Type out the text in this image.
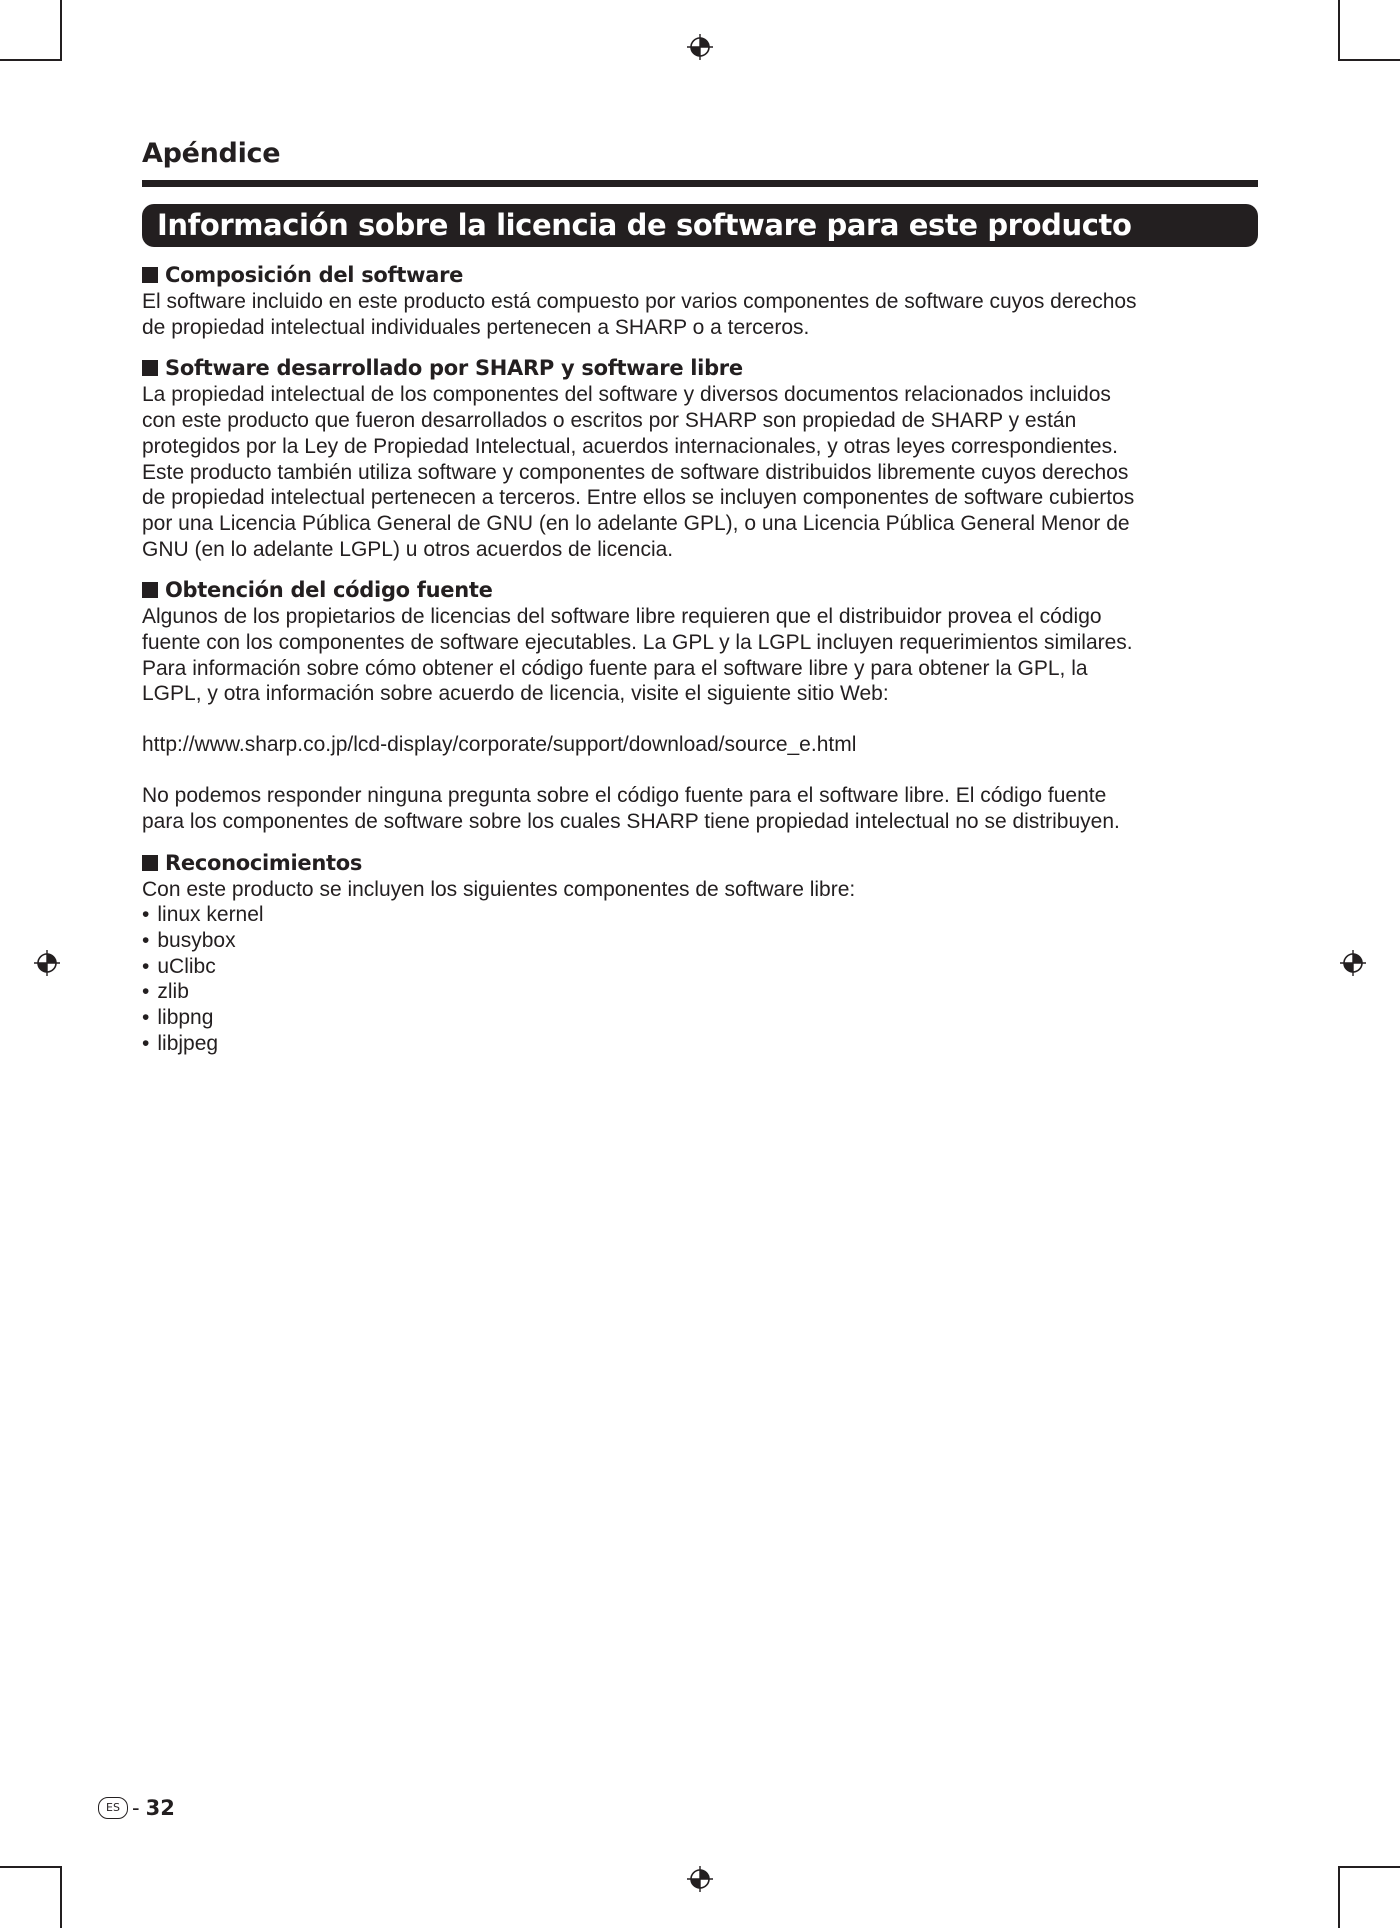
Apéndice
Información sobre la licencia de software para este producto
Composición del software
El software incluido en este producto está compuesto por varios componentes de software cuyos derechos
de propiedad intelectual individuales pertenecen a SHARP o a terceros.
Software desarrollado por SHARP y software libre
La propiedad intelectual de los componentes del software y diversos documentos relacionados incluidos
con este producto que fueron desarrollados o escritos por SHARP son propiedad de SHARP y están
protegidos por la Ley de Propiedad Intelectual, acuerdos internacionales, y otras leyes correspondientes.
Este producto también utiliza software y componentes de software distribuidos libremente cuyos derechos
de propiedad intelectual pertenecen a terceros. Entre ellos se incluyen componentes de software cubiertos
por una Licencia Pública General de GNU (en lo adelante GPL), o una Licencia Pública General Menor de
GNU (en lo adelante LGPL) u otros acuerdos de licencia.
Obtención del código fuente
Algunos de los propietarios de licencias del software libre requieren que el distribuidor provea el código
fuente con los componentes de software ejecutables. La GPL y la LGPL incluyen requerimientos similares.
Para información sobre cómo obtener el código fuente para el software libre y para obtener la GPL, la
LGPL, y otra información sobre acuerdo de licencia, visite el siguiente sitio Web:
http://www.sharp.co.jp/lcd-display/corporate/support/download/source_e.html
No podemos responder ninguna pregunta sobre el código fuente para el software libre. El código fuente
para los componentes de software sobre los cuales SHARP tiene propiedad intelectual no se distribuyen.
Reconocimientos
Con este producto se incluyen los siguientes componentes de software libre:
• linux kernel
• busybox
• uClibc
• zlib
• libpng
• libjpeg
ES - 32
